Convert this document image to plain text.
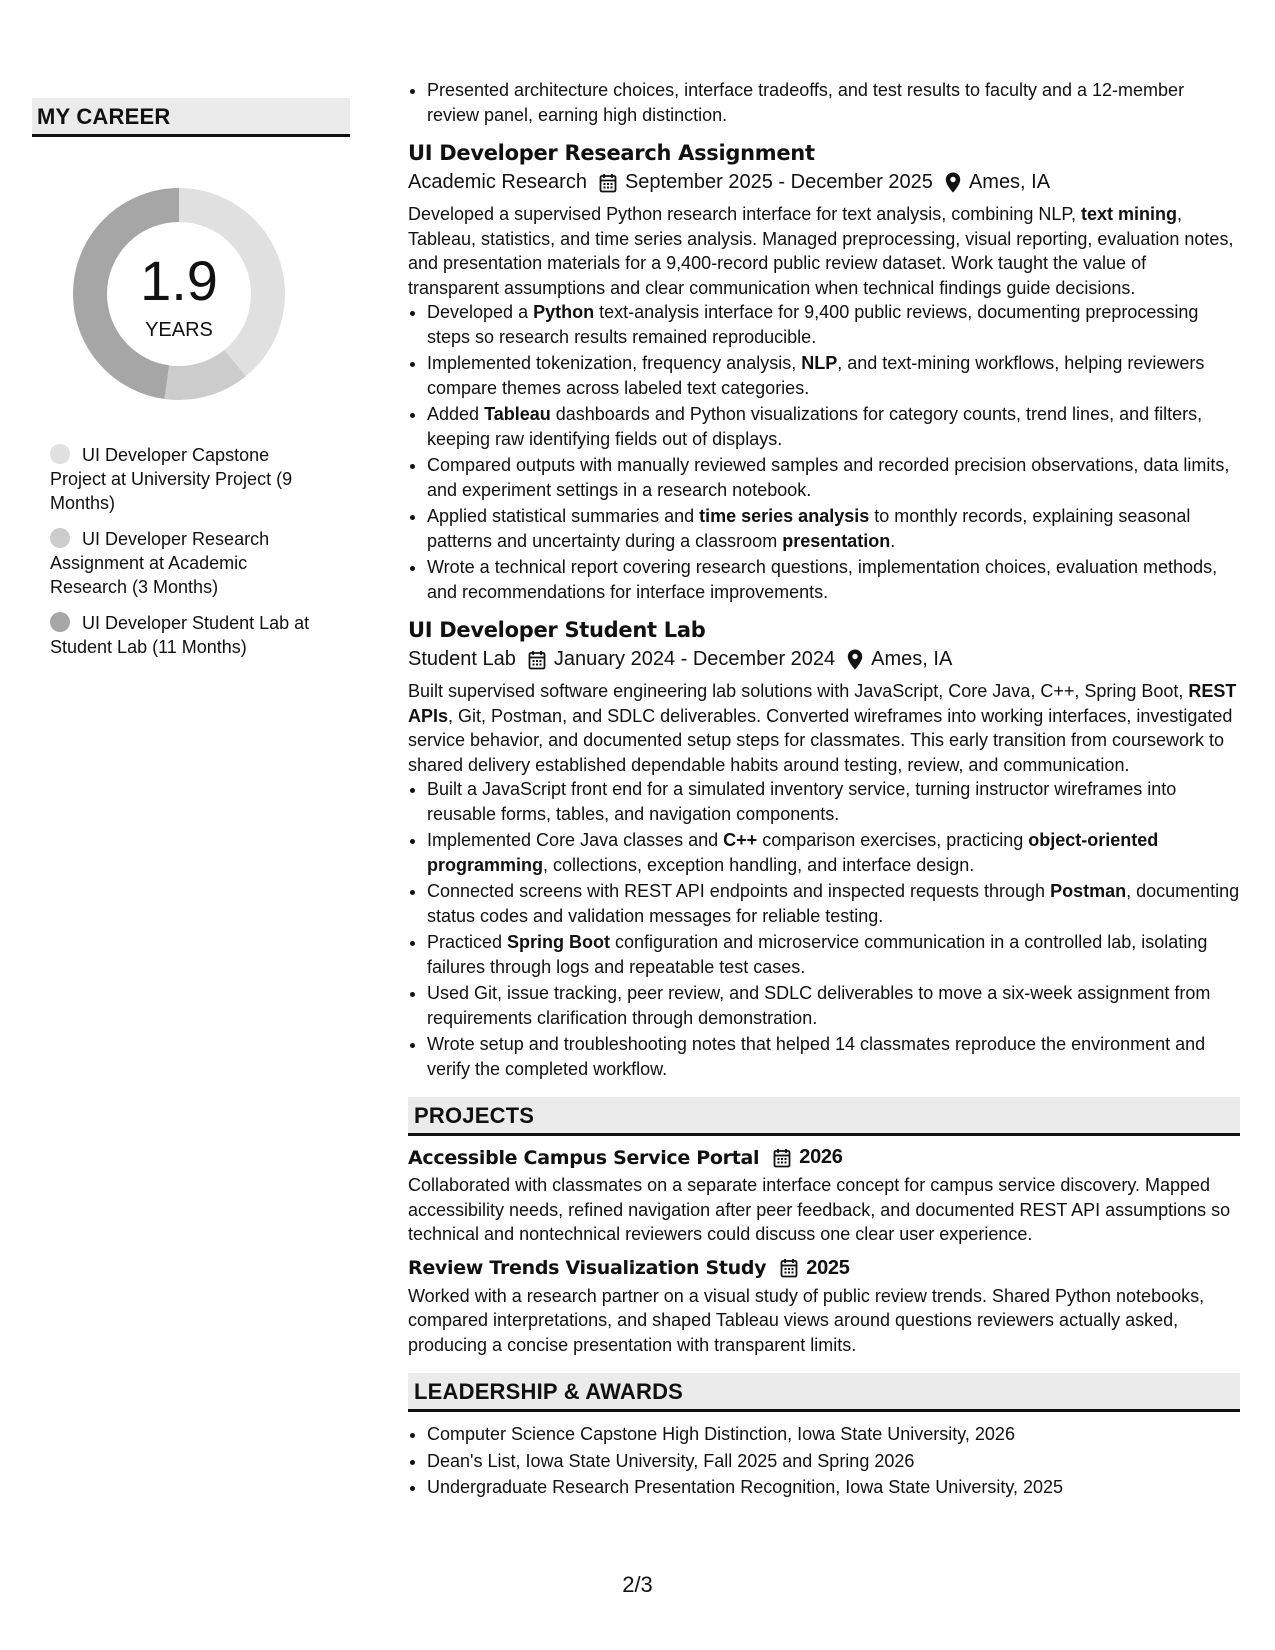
MY CAREER
1.9
YEARS
UI Developer Capstone Project at University Project (9 Months)
UI Developer Research Assignment at Academic Research (3 Months)
UI Developer Student Lab at Student Lab (11 Months)
• Presented architecture choices, interface tradeoffs, and test results to faculty and a 12-member review panel, earning high distinction.
UI Developer Research Assignment
Academic Research September 2025 - December 2025 Ames, IA
Developed a supervised Python research interface for text analysis, combining NLP, text mining, Tableau, statistics, and time series analysis. Managed preprocessing, visual reporting, evaluation notes, and presentation materials for a 9,400-record public review dataset. Work taught the value of transparent assumptions and clear communication when technical findings guide decisions.
• Developed a Python text-analysis interface for 9,400 public reviews, documenting preprocessing steps so research results remained reproducible.
• Implemented tokenization, frequency analysis, NLP, and text-mining workflows, helping reviewers compare themes across labeled text categories.
• Added Tableau dashboards and Python visualizations for category counts, trend lines, and filters, keeping raw identifying fields out of displays.
• Compared outputs with manually reviewed samples and recorded precision observations, data limits, and experiment settings in a research notebook.
• Applied statistical summaries and time series analysis to monthly records, explaining seasonal patterns and uncertainty during a classroom presentation.
• Wrote a technical report covering research questions, implementation choices, evaluation methods, and recommendations for interface improvements.
UI Developer Student Lab
Student Lab January 2024 - December 2024 Ames, IA
Built supervised software engineering lab solutions with JavaScript, Core Java, C++, Spring Boot, REST APIs, Git, Postman, and SDLC deliverables. Converted wireframes into working interfaces, investigated service behavior, and documented setup steps for classmates. This early transition from coursework to shared delivery established dependable habits around testing, review, and communication.
• Built a JavaScript front end for a simulated inventory service, turning instructor wireframes into reusable forms, tables, and navigation components.
• Implemented Core Java classes and C++ comparison exercises, practicing object-oriented programming, collections, exception handling, and interface design.
• Connected screens with REST API endpoints and inspected requests through Postman, documenting status codes and validation messages for reliable testing.
• Practiced Spring Boot configuration and microservice communication in a controlled lab, isolating failures through logs and repeatable test cases.
• Used Git, issue tracking, peer review, and SDLC deliverables to move a six-week assignment from requirements clarification through demonstration.
• Wrote setup and troubleshooting notes that helped 14 classmates reproduce the environment and verify the completed workflow.
PROJECTS
Accessible Campus Service Portal 2026
Collaborated with classmates on a separate interface concept for campus service discovery. Mapped accessibility needs, refined navigation after peer feedback, and documented REST API assumptions so technical and nontechnical reviewers could discuss one clear user experience.
Review Trends Visualization Study 2025
Worked with a research partner on a visual study of public review trends. Shared Python notebooks, compared interpretations, and shaped Tableau views around questions reviewers actually asked, producing a concise presentation with transparent limits.
LEADERSHIP & AWARDS
• Computer Science Capstone High Distinction, Iowa State University, 2026
• Dean's List, Iowa State University, Fall 2025 and Spring 2026
• Undergraduate Research Presentation Recognition, Iowa State University, 2025
2/3
